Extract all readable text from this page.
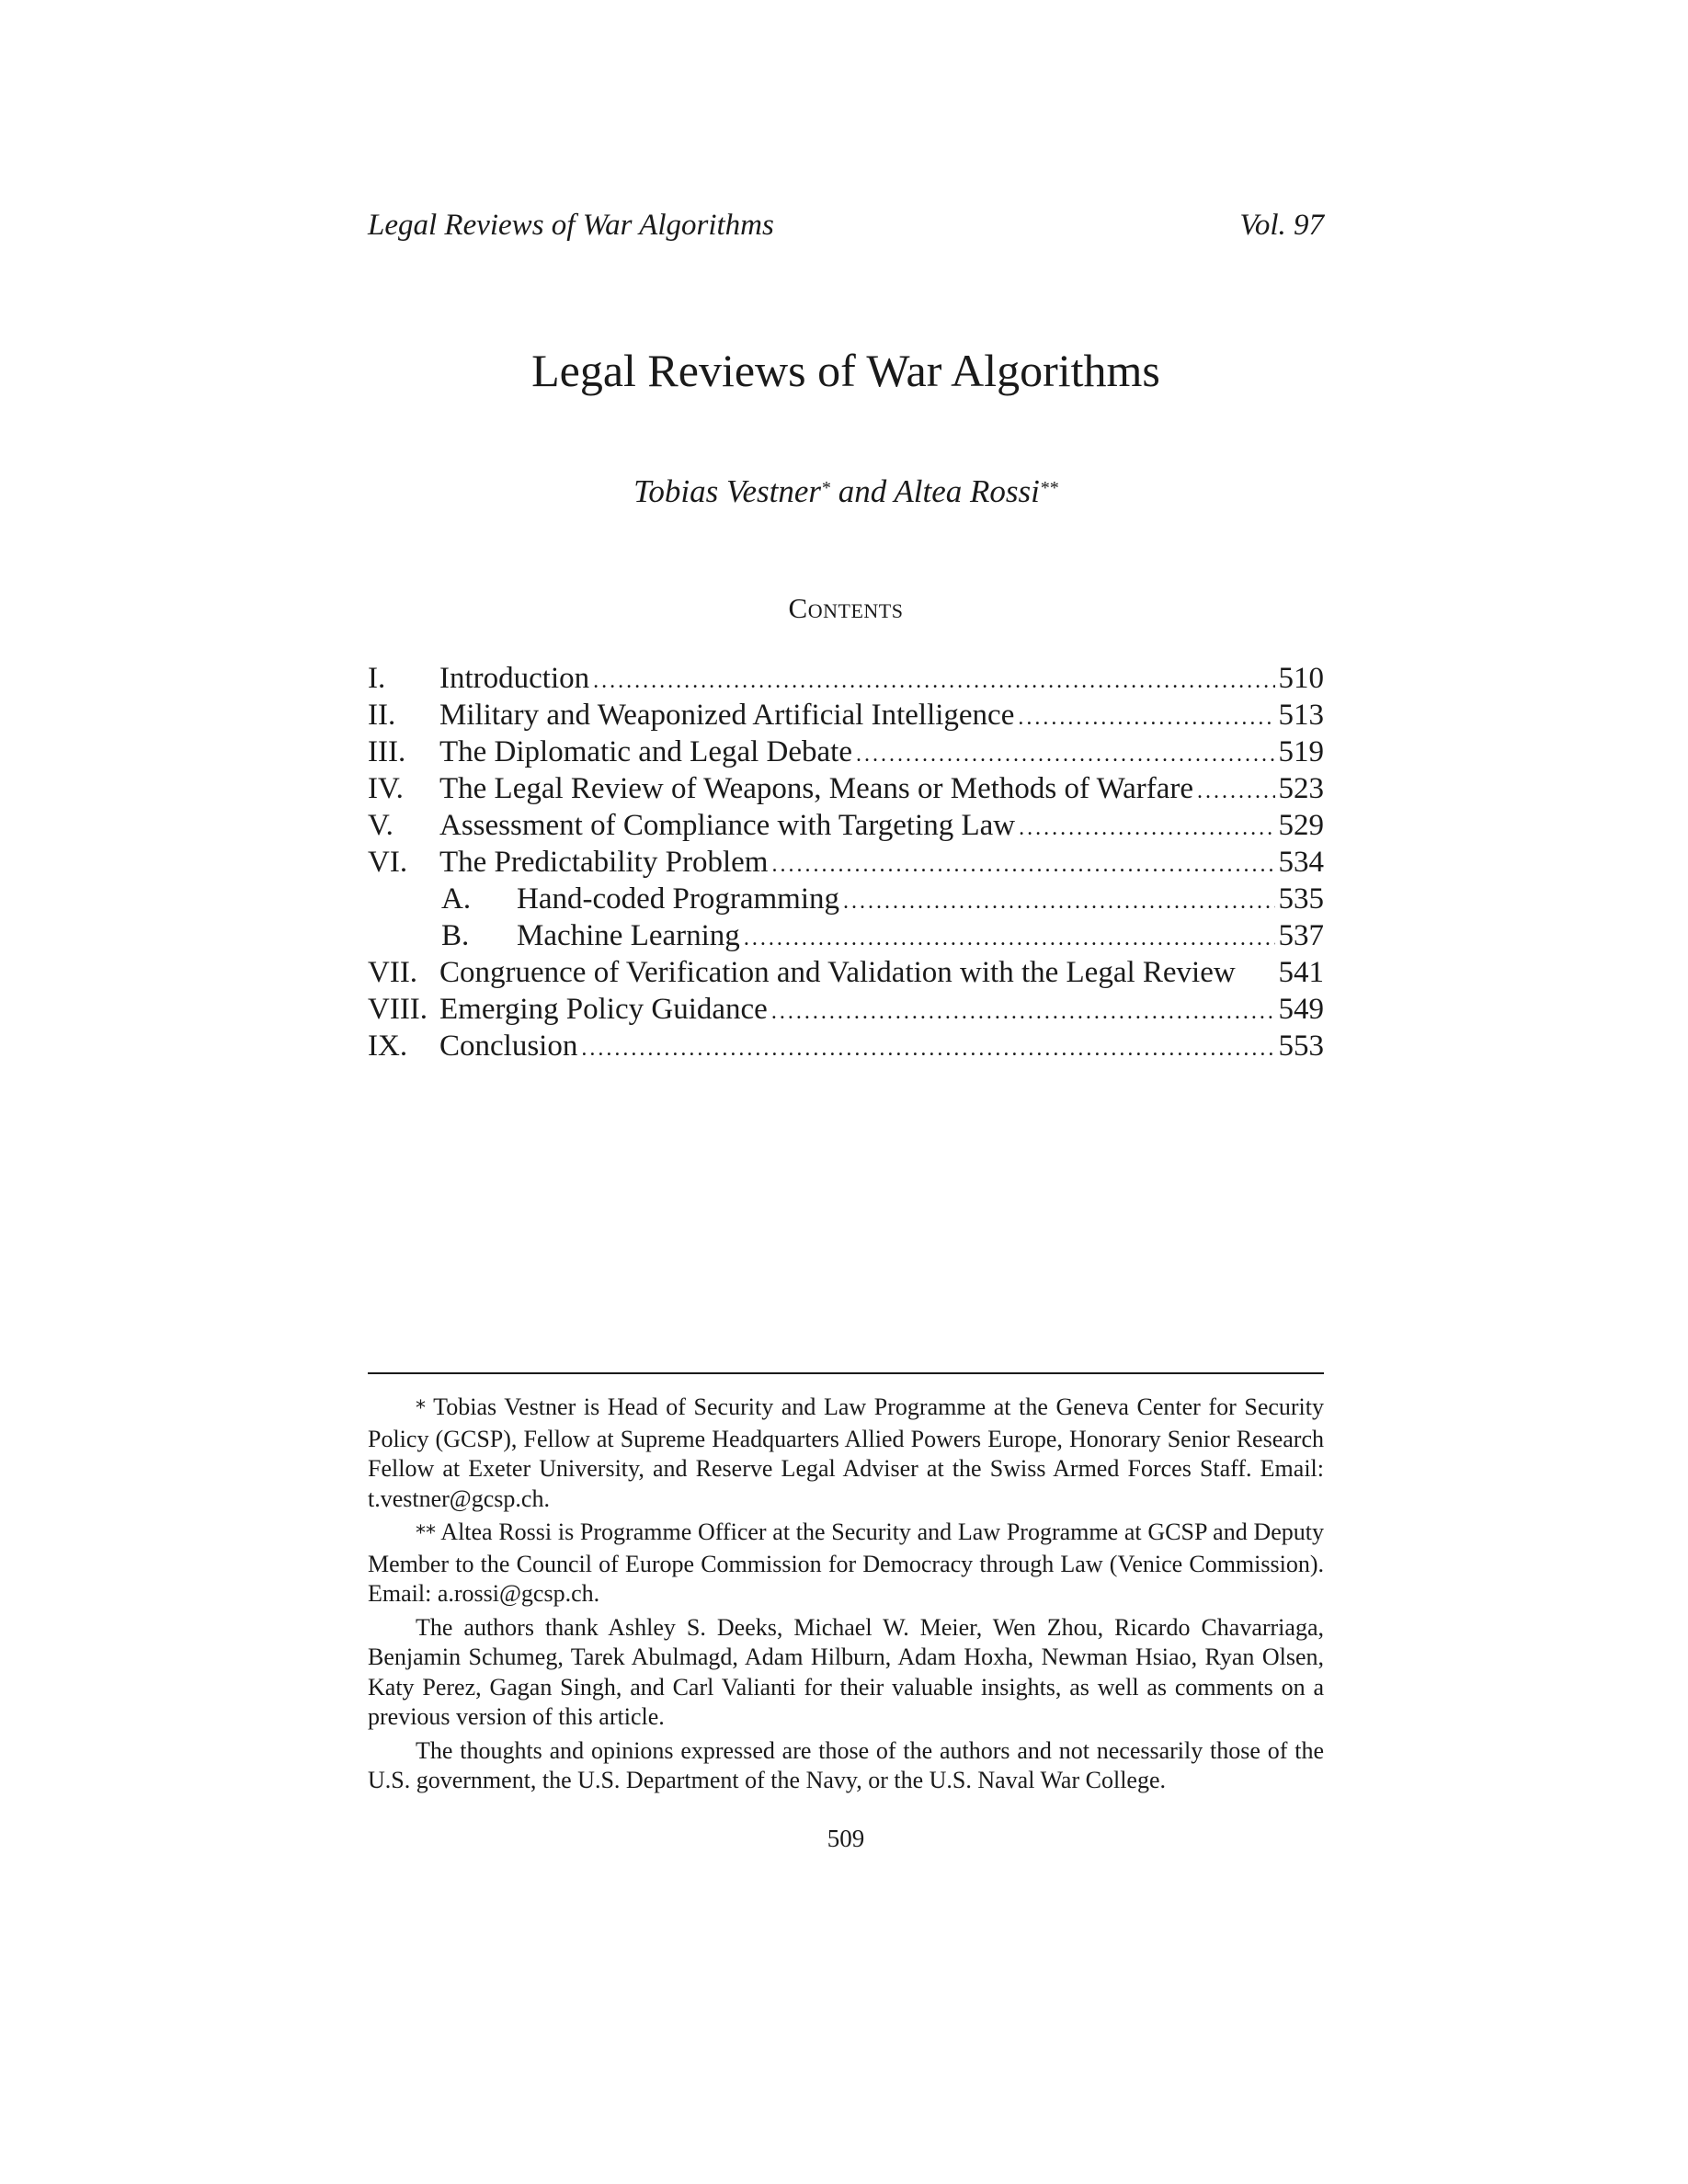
Legal Reviews of War Algorithms	Vol. 97
Legal Reviews of War Algorithms
Tobias Vestner* and Altea Rossi**
Contents
I. Introduction .....	510
II. Military and Weaponized Artificial Intelligence .....	513
III. The Diplomatic and Legal Debate .....	519
IV. The Legal Review of Weapons, Means or Methods of Warfare .....	523
V. Assessment of Compliance with Targeting Law .....	529
VI. The Predictability Problem .....	534
A. Hand-coded Programming .....	535
B. Machine Learning .....	537
VII. Congruence of Verification and Validation with the Legal Review 541
VIII. Emerging Policy Guidance .....	549
IX. Conclusion .....	553

* Tobias Vestner is Head of Security and Law Programme at the Geneva Center for Security Policy (GCSP), Fellow at Supreme Headquarters Allied Powers Europe, Honorary Senior Research Fellow at Exeter University, and Reserve Legal Adviser at the Swiss Armed Forces Staff. Email: t.vestner@gcsp.ch.

** Altea Rossi is Programme Officer at the Security and Law Programme at GCSP and Deputy Member to the Council of Europe Commission for Democracy through Law (Venice Commission). Email: a.rossi@gcsp.ch.

The authors thank Ashley S. Deeks, Michael W. Meier, Wen Zhou, Ricardo Chavarriaga, Benjamin Schumeg, Tarek Abulmagd, Adam Hilburn, Adam Hoxha, Newman Hsiao, Ryan Olsen, Katy Perez, Gagan Singh, and Carl Valianti for their valuable insights, as well as comments on a previous version of this article.

The thoughts and opinions expressed are those of the authors and not necessarily those of the U.S. government, the U.S. Department of the Navy, or the U.S. Naval War College.

509
